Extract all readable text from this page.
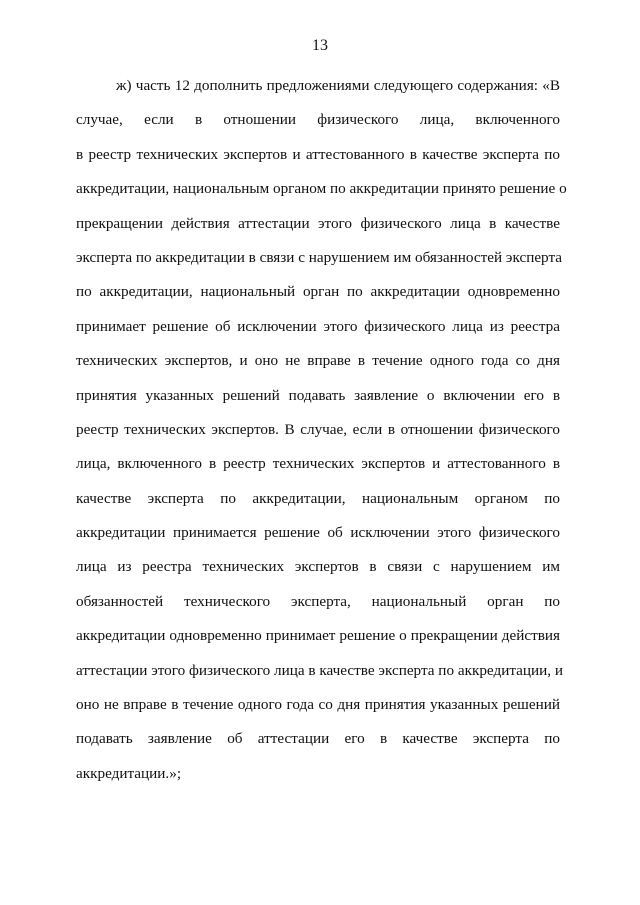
13
ж) часть 12 дополнить предложениями следующего содержания: «В
случае, если в отношении физического лица, включенного
в реестр технических экспертов и аттестованного в качестве эксперта по
аккредитации, национальным органом по аккредитации принято решение о
прекращении действия аттестации этого физического лица в качестве
эксперта по аккредитации в связи с нарушением им обязанностей эксперта
по аккредитации, национальный орган по аккредитации одновременно
принимает решение об исключении этого физического лица из реестра
технических экспертов, и оно не вправе в течение одного года со дня
принятия указанных решений подавать заявление о включении его в
реестр технических экспертов. В случае, если в отношении физического
лица, включенного в реестр технических экспертов и аттестованного в
качестве эксперта по аккредитации, национальным органом по
аккредитации принимается решение об исключении этого физического
лица из реестра технических экспертов в связи с нарушением им
обязанностей технического эксперта, национальный орган по
аккредитации одновременно принимает решение о прекращении действия
аттестации этого физического лица в качестве эксперта по аккредитации, и
оно не вправе в течение одного года со дня принятия указанных решений
подавать заявление об аттестации его в качестве эксперта по
аккредитации.»;
